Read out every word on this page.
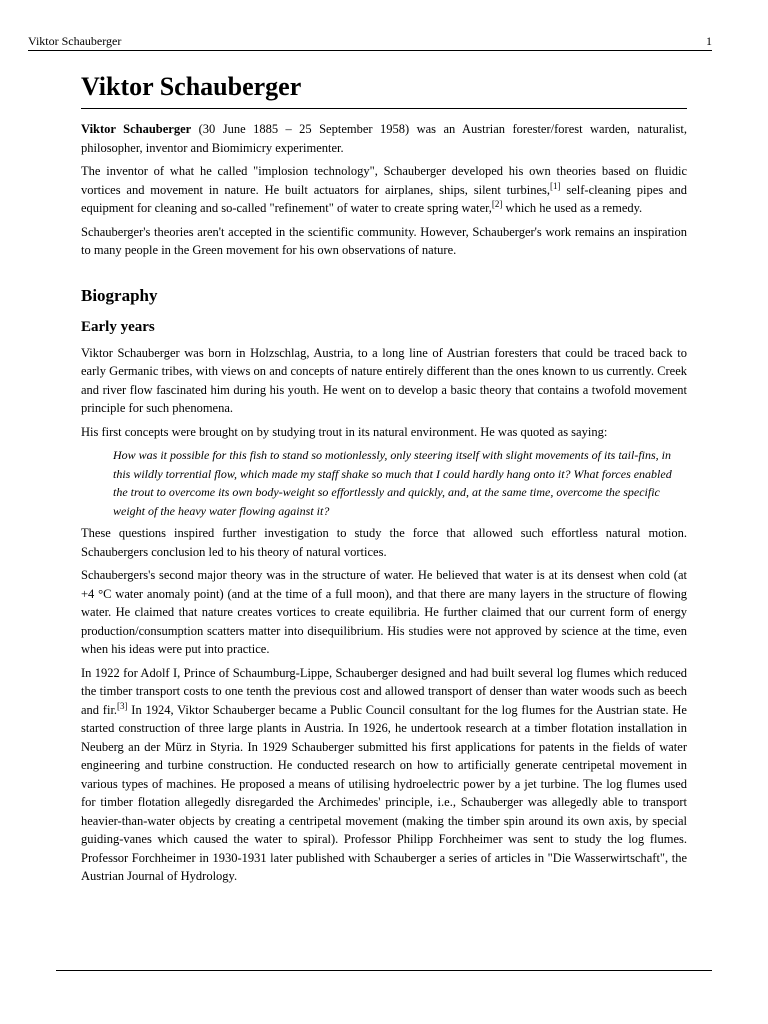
Viktor Schauberger	1
Viktor Schauberger

Viktor Schauberger (30 June 1885 – 25 September 1958) was an Austrian forester/forest warden, naturalist, philosopher, inventor and Biomimicry experimenter.

The inventor of what he called "implosion technology", Schauberger developed his own theories based on fluidic vortices and movement in nature. He built actuators for airplanes, ships, silent turbines,[1] self-cleaning pipes and equipment for cleaning and so-called "refinement" of water to create spring water,[2] which he used as a remedy.

Schauberger's theories aren't accepted in the scientific community. However, Schauberger's work remains an inspiration to many people in the Green movement for his own observations of nature.

Biography
Early years

Viktor Schauberger was born in Holzschlag, Austria, to a long line of Austrian foresters that could be traced back to early Germanic tribes, with views on and concepts of nature entirely different than the ones known to us currently. Creek and river flow fascinated him during his youth. He went on to develop a basic theory that contains a twofold movement principle for such phenomena.

His first concepts were brought on by studying trout in its natural environment. He was quoted as saying:

How was it possible for this fish to stand so motionlessly, only steering itself with slight movements of its tail-fins, in this wildly torrential flow, which made my staff shake so much that I could hardly hang onto it? What forces enabled the trout to overcome its own body-weight so effortlessly and quickly, and, at the same time, overcome the specific weight of the heavy water flowing against it?

These questions inspired further investigation to study the force that allowed such effortless natural motion. Schaubergers conclusion led to his theory of natural vortices.

Schaubergers's second major theory was in the structure of water. He believed that water is at its densest when cold (at +4 °C water anomaly point) (and at the time of a full moon), and that there are many layers in the structure of flowing water. He claimed that nature creates vortices to create equilibria. He further claimed that our current form of energy production/consumption scatters matter into disequilibrium. His studies were not approved by science at the time, even when his ideas were put into practice.

In 1922 for Adolf I, Prince of Schaumburg-Lippe, Schauberger designed and had built several log flumes which reduced the timber transport costs to one tenth the previous cost and allowed transport of denser than water woods such as beech and fir.[3] In 1924, Viktor Schauberger became a Public Council consultant for the log flumes for the Austrian state. He started construction of three large plants in Austria. In 1926, he undertook research at a timber flotation installation in Neuberg an der Mürz in Styria. In 1929 Schauberger submitted his first applications for patents in the fields of water engineering and turbine construction. He conducted research on how to artificially generate centripetal movement in various types of machines. He proposed a means of utilising hydroelectric power by a jet turbine. The log flumes used for timber flotation allegedly disregarded the Archimedes' principle, i.e., Schauberger was allegedly able to transport heavier-than-water objects by creating a centripetal movement (making the timber spin around its own axis, by special guiding-vanes which caused the water to spiral). Professor Philipp Forchheimer was sent to study the log flumes. Professor Forchheimer in 1930-1931 later published with Schauberger a series of articles in "Die Wasserwirtschaft", the Austrian Journal of Hydrology.
